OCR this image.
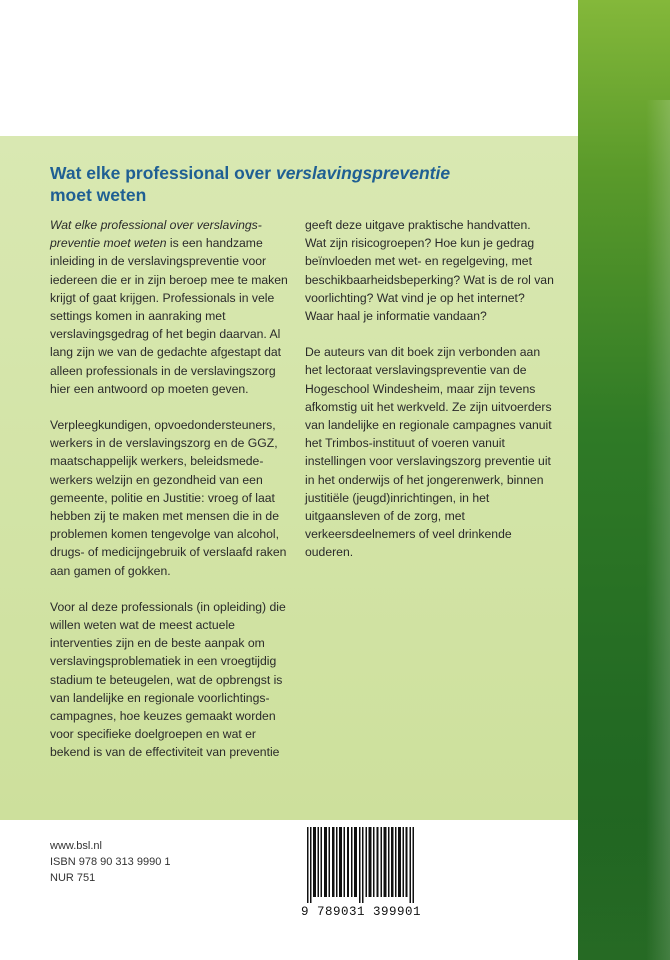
Wat elke professional over verslavingspreventie
moet weten

Wat elke professional over verslavingspreventie moet weten is een handzame inleiding in de verslavingspreventie voor iedereen die er in zijn beroep mee te maken krijgt of gaat krijgen. Professionals in vele settings komen in aanraking met verslavingsgedrag of het begin daarvan. Al lang zijn we van de gedachte afgestapt dat alleen professionals in de verslavingszorg hier een antwoord op moeten geven.

Verpleegkundigen, opvoedondersteuners, werkers in de verslavingszorg en de GGZ, maatschappelijk werkers, beleidsmedewerkers welzijn en gezondheid van een gemeente, politie en Justitie: vroeg of laat hebben zij te maken met mensen die in de problemen komen tengevolge van alcohol, drugs- of medicijngebruik of verslaafd raken aan gamen of gokken.

Voor al deze professionals (in opleiding) die willen weten wat de meest actuele interventies zijn en de beste aanpak om verslavingsproblematiek in een vroegtijdig stadium te beteugelen, wat de opbrengst is van landelijke en regionale voorlichtingscampagnes, hoe keuzes gemaakt worden voor specifieke doelgroepen en wat er bekend is van de effectiviteit van preventie

geeft deze uitgave praktische handvatten. Wat zijn risicogroepen? Hoe kun je gedrag beïnvloeden met wet- en regelgeving, met beschikbaarheidsbeperking? Wat is de rol van voorlichting? Wat vind je op het internet? Waar haal je informatie vandaan?

De auteurs van dit boek zijn verbonden aan het lectoraat verslavingspreventie van de Hogeschool Windesheim, maar zijn tevens afkomstig uit het werkveld. Ze zijn uitvoerders van landelijke en regionale campagnes vanuit het Trimbos-instituut of voeren vanuit instellingen voor verslavingszorg preventie uit in het onderwijs of het jongerenwerk, binnen justitiële (jeugd)inrichtingen, in het uitgaansleven of de zorg, met verkeersdeelnemers of veel drinkende ouderen.

www.bsl.nl
ISBN 978 90 313 9990 1
NUR 751
9 789031 399901
